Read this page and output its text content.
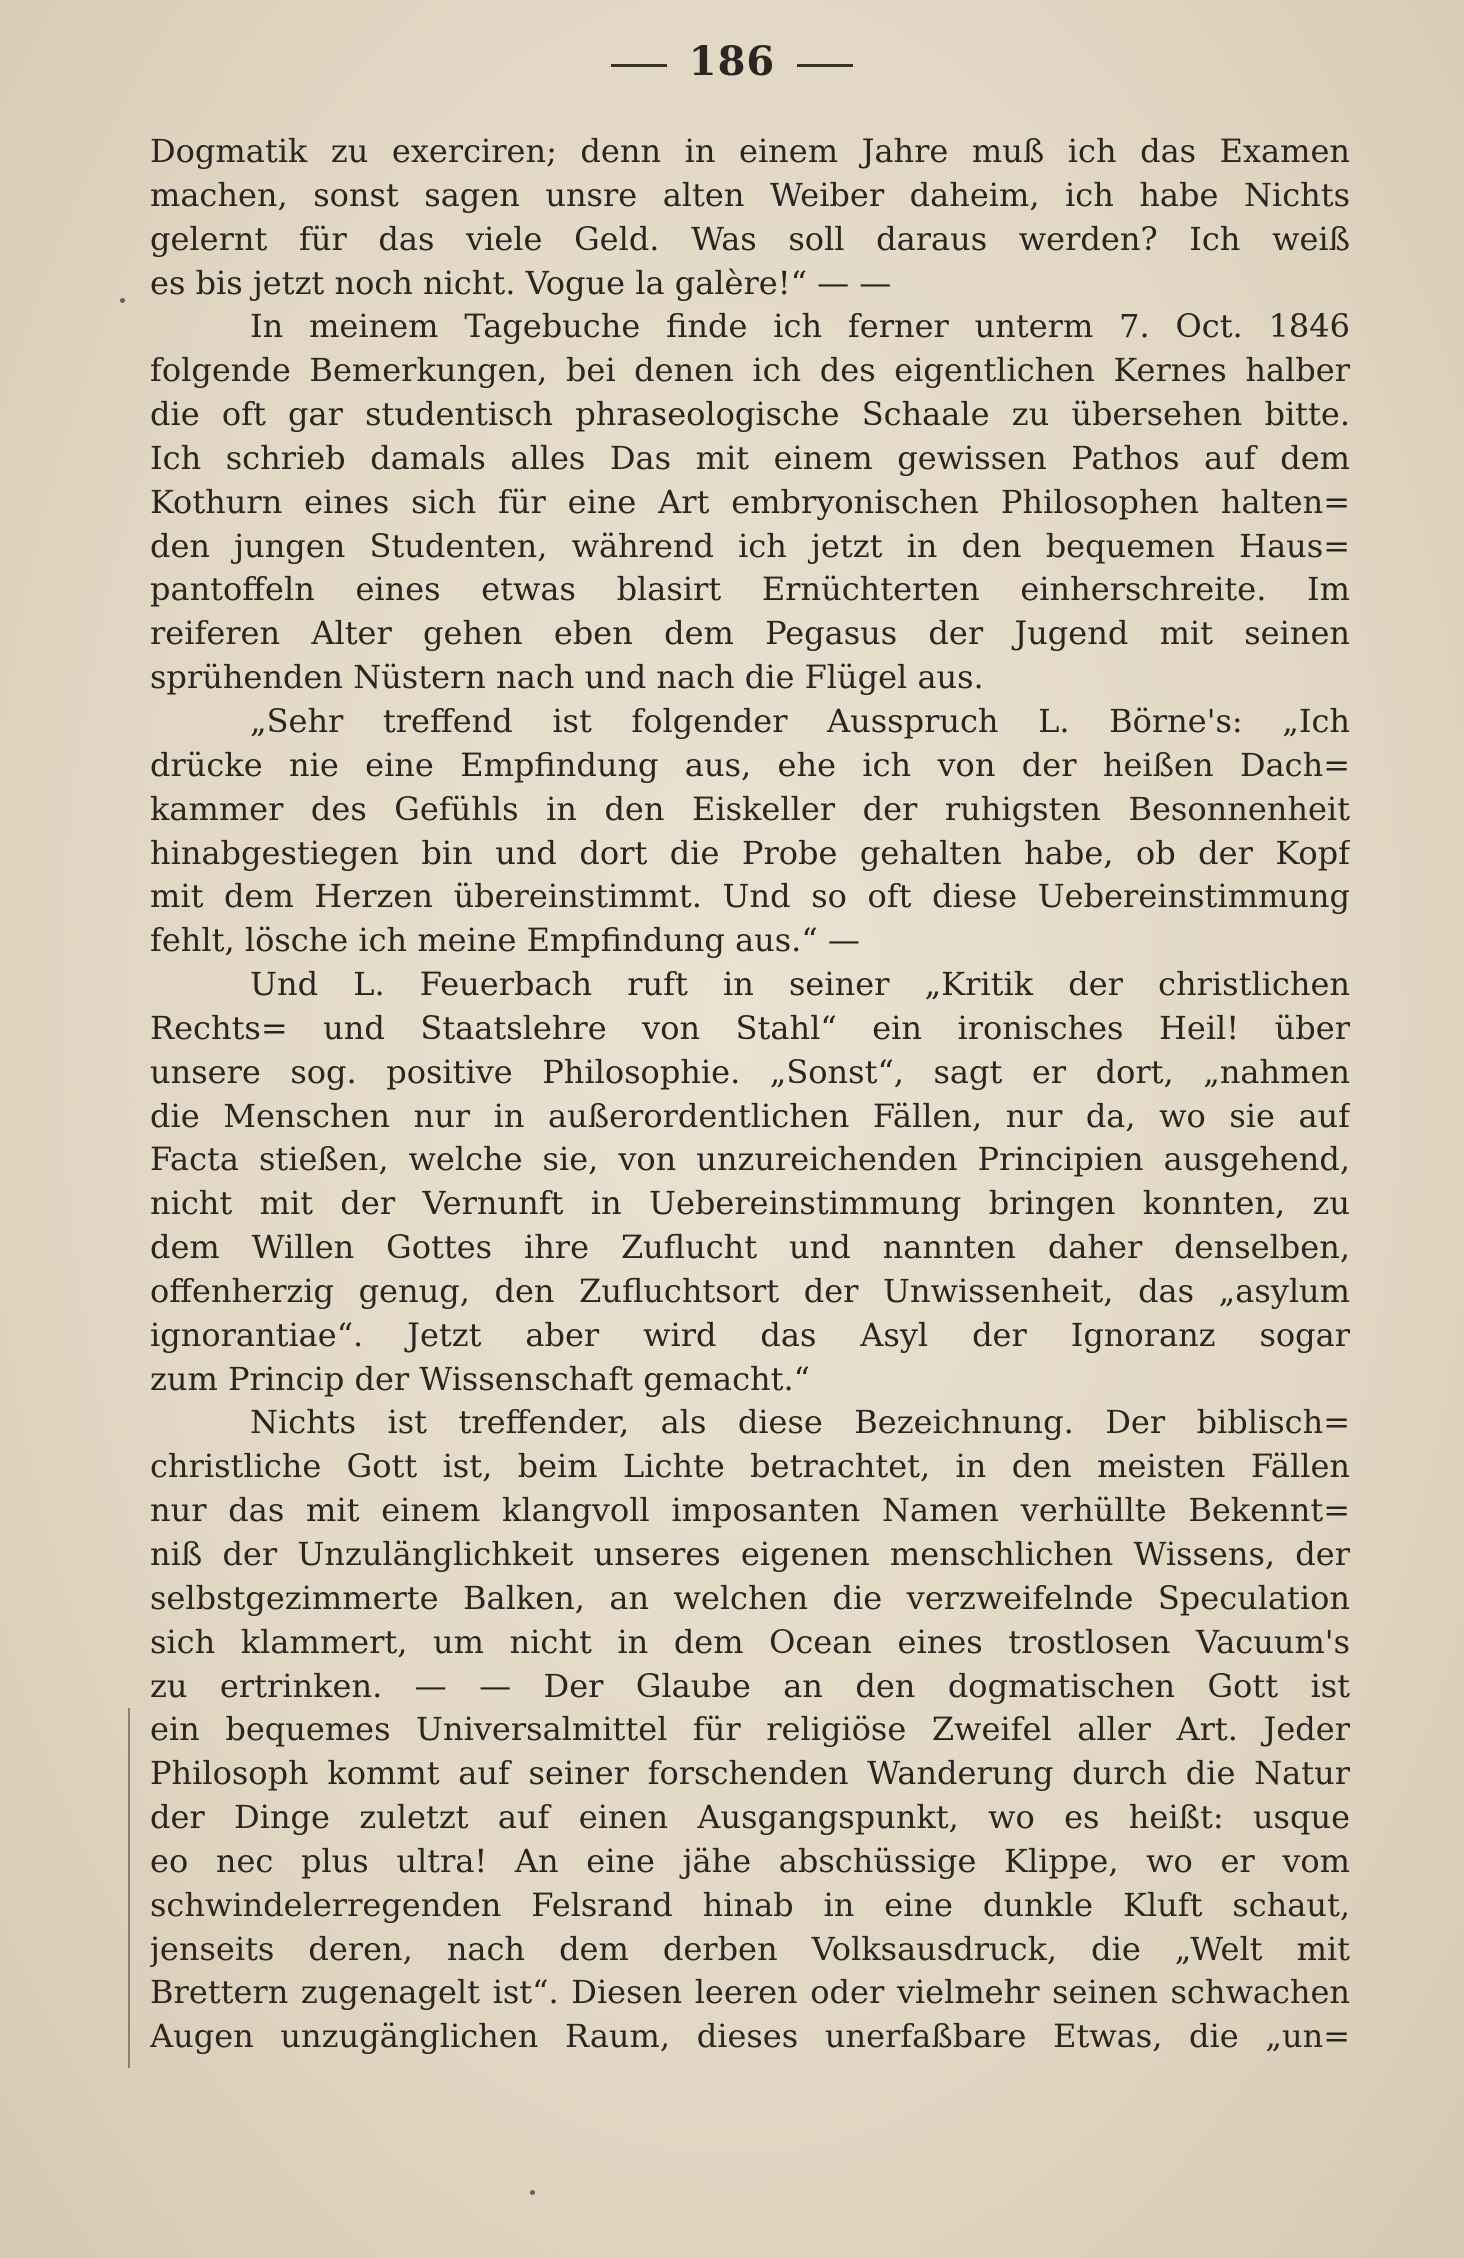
186
Dogmatik zu exerciren; denn in einem Jahre muß ich das Examen
machen, sonst sagen unsre alten Weiber daheim, ich habe Nichts
gelernt für das viele Geld. Was soll daraus werden? Ich weiß
es bis jetzt noch nicht. Vogue la galère!“ — —
In meinem Tagebuche finde ich ferner unterm 7. Oct. 1846
folgende Bemerkungen, bei denen ich des eigentlichen Kernes halber
die oft gar studentisch phraseologische Schaale zu übersehen bitte.
Ich schrieb damals alles Das mit einem gewissen Pathos auf dem
Kothurn eines sich für eine Art embryonischen Philosophen halten=
den jungen Studenten, während ich jetzt in den bequemen Haus=
pantoffeln eines etwas blasirt Ernüchterten einherschreite. Im
reiferen Alter gehen eben dem Pegasus der Jugend mit seinen
sprühenden Nüstern nach und nach die Flügel aus.
„Sehr treffend ist folgender Ausspruch L. Börne's: „Ich
drücke nie eine Empfindung aus, ehe ich von der heißen Dach=
kammer des Gefühls in den Eiskeller der ruhigsten Besonnenheit
hinabgestiegen bin und dort die Probe gehalten habe, ob der Kopf
mit dem Herzen übereinstimmt. Und so oft diese Uebereinstimmung
fehlt, lösche ich meine Empfindung aus.“ —
Und L. Feuerbach ruft in seiner „Kritik der christlichen
Rechts= und Staatslehre von Stahl“ ein ironisches Heil! über
unsere sog. positive Philosophie. „Sonst“, sagt er dort, „nahmen
die Menschen nur in außerordentlichen Fällen, nur da, wo sie auf
Facta stießen, welche sie, von unzureichenden Principien ausgehend,
nicht mit der Vernunft in Uebereinstimmung bringen konnten, zu
dem Willen Gottes ihre Zuflucht und nannten daher denselben,
offenherzig genug, den Zufluchtsort der Unwissenheit, das „asylum
ignorantiae“. Jetzt aber wird das Asyl der Ignoranz sogar
zum Princip der Wissenschaft gemacht.“
Nichts ist treffender, als diese Bezeichnung. Der biblisch=
christliche Gott ist, beim Lichte betrachtet, in den meisten Fällen
nur das mit einem klangvoll imposanten Namen verhüllte Bekennt=
niß der Unzulänglichkeit unseres eigenen menschlichen Wissens, der
selbstgezimmerte Balken, an welchen die verzweifelnde Speculation
sich klammert, um nicht in dem Ocean eines trostlosen Vacuum's
zu ertrinken. — — Der Glaube an den dogmatischen Gott ist
ein bequemes Universalmittel für religiöse Zweifel aller Art. Jeder
Philosoph kommt auf seiner forschenden Wanderung durch die Natur
der Dinge zuletzt auf einen Ausgangspunkt, wo es heißt: usque
eo nec plus ultra! An eine jähe abschüssige Klippe, wo er vom
schwindelerregenden Felsrand hinab in eine dunkle Kluft schaut,
jenseits deren, nach dem derben Volksausdruck, die „Welt mit
Brettern zugenagelt ist“. Diesen leeren oder vielmehr seinen schwachen
Augen unzugänglichen Raum, dieses unerfaßbare Etwas, die „un=
